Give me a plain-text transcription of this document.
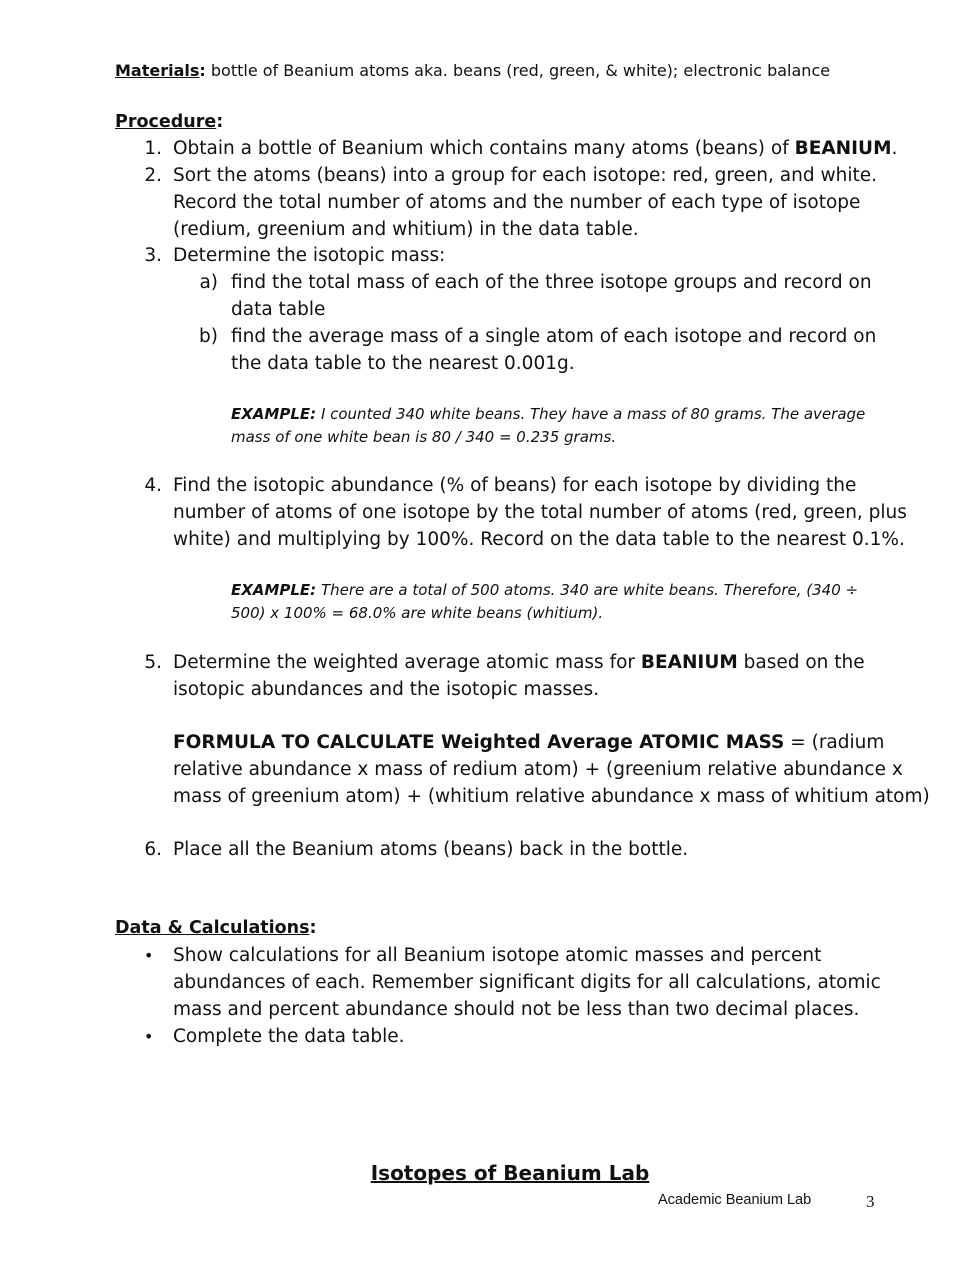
Materials: bottle of Beanium atoms aka. beans (red, green, & white); electronic balance
Procedure:
1. Obtain a bottle of Beanium which contains many atoms (beans) of BEANIUM.
2. Sort the atoms (beans) into a group for each isotope: red, green, and white.
Record the total number of atoms and the number of each type of isotope
(redium, greenium and whitium) in the data table.
3. Determine the isotopic mass:
a) find the total mass of each of the three isotope groups and record on
data table
b) find the average mass of a single atom of each isotope and record on
the data table to the nearest 0.001g.
EXAMPLE: I counted 340 white beans. They have a mass of 80 grams. The average
mass of one white bean is 80 / 340 = 0.235 grams.
4. Find the isotopic abundance (% of beans) for each isotope by dividing the
number of atoms of one isotope by the total number of atoms (red, green, plus
white) and multiplying by 100%. Record on the data table to the nearest 0.1%.
EXAMPLE: There are a total of 500 atoms. 340 are white beans. Therefore, (340 ÷
500) x 100% = 68.0% are white beans (whitium).
5. Determine the weighted average atomic mass for BEANIUM based on the
isotopic abundances and the isotopic masses.
FORMULA TO CALCULATE Weighted Average ATOMIC MASS = (radium
relative abundance x mass of redium atom) + (greenium relative abundance x
mass of greenium atom) + (whitium relative abundance x mass of whitium atom)
6. Place all the Beanium atoms (beans) back in the bottle.
Data & Calculations:
• Show calculations for all Beanium isotope atomic masses and percent
abundances of each. Remember significant digits for all calculations, atomic
mass and percent abundance should not be less than two decimal places.
• Complete the data table.
Isotopes of Beanium Lab
Academic Beanium Lab	3
